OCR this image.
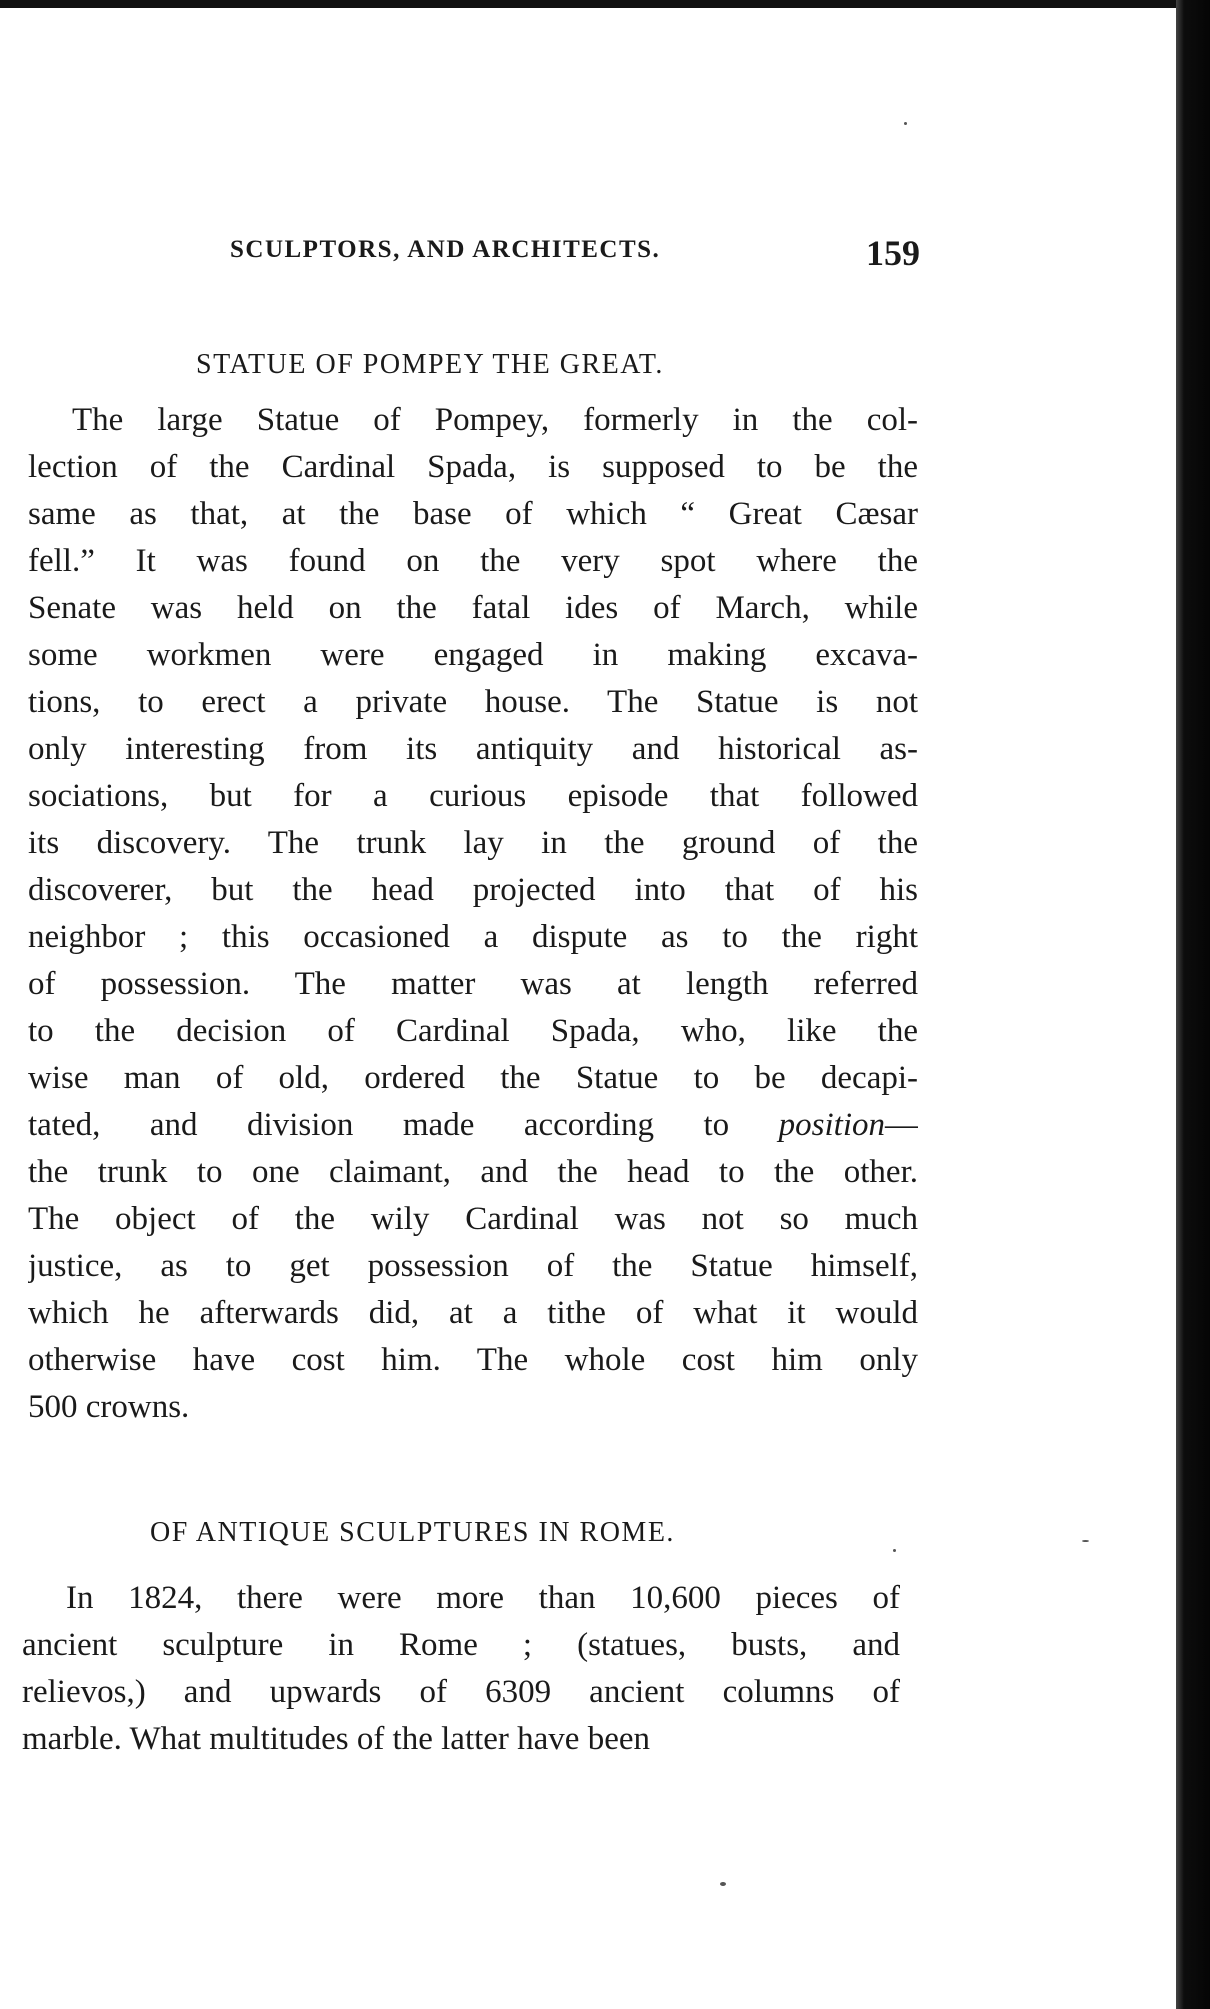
SCULPTORS, AND ARCHITECTS.	159
STATUE OF POMPEY THE GREAT.
The large Statue of Pompey, formerly in the col-
lection of the Cardinal Spada, is supposed to be the
same as that, at the base of which “ Great Cæsar
fell.” It was found on the very spot where the
Senate was held on the fatal ides of March, while
some workmen were engaged in making excava-
tions, to erect a private house. The Statue is not
only interesting from its antiquity and historical as-
sociations, but for a curious episode that followed
its discovery. The trunk lay in the ground of the
discoverer, but the head projected into that of his
neighbor ; this occasioned a dispute as to the right
of possession. The matter was at length referred
to the decision of Cardinal Spada, who, like the
wise man of old, ordered the Statue to be decapi-
tated, and division made according to position—
the trunk to one claimant, and the head to the other.
The object of the wily Cardinal was not so much
justice, as to get possession of the Statue himself,
which he afterwards did, at a tithe of what it would
otherwise have cost him. The whole cost him only
500 crowns.
OF ANTIQUE SCULPTURES IN ROME.
In 1824, there were more than 10,600 pieces of
ancient sculpture in Rome ; (statues, busts, and
relievos,) and upwards of 6309 ancient columns of
marble. What multitudes of the latter have been
